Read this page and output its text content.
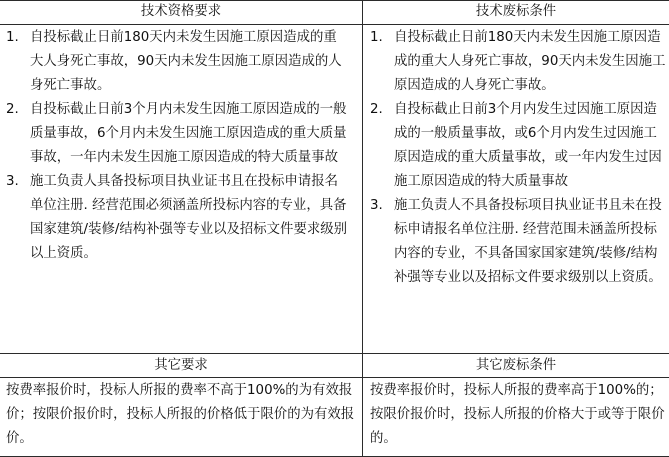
技术资格要求	技术废标条件
1. 自投标截止日前180天内未发生因施工原因造成的重大人身死亡事故，90天内未发生因施工原因造成的人身死亡事故。
2. 自投标截止日前3个月内未发生因施工原因造成的一般质量事故，6个月内未发生因施工原因造成的重大质量事故，一年内未发生因施工原因造成的特大质量事故
3. 施工负责人具备投标项目执业证书且在投标申请报名单位注册. 经营范围必须涵盖所投标内容的专业，具备国家建筑/装修/结构补强等专业以及招标文件要求级别以上资质。
1. 自投标截止日前180天内未发生因施工原因造成的重大人身死亡事故，90天内未发生因施工原因造成的人身死亡事故。
2. 自投标截止日前3个月内发生过因施工原因造成的一般质量事故，或6个月内发生过因施工原因造成的重大质量事故，或一年内发生过因施工原因造成的特大质量事故
3. 施工负责人不具备投标项目执业证书且未在投标申请报名单位注册. 经营范围未涵盖所投标内容的专业，不具备国家国家建筑/装修/结构补强等专业以及招标文件要求级别以上资质。
其它要求	其它废标条件

按费率报价时，投标人所报的费率不高于100%的为有效报价；按限价报价时，投标人所报的价格低于限价的为有效报价。

按费率报价时，投标人所报的费率高于100%的；按限价报价时，投标人所报的价格大于或等于限价的。
